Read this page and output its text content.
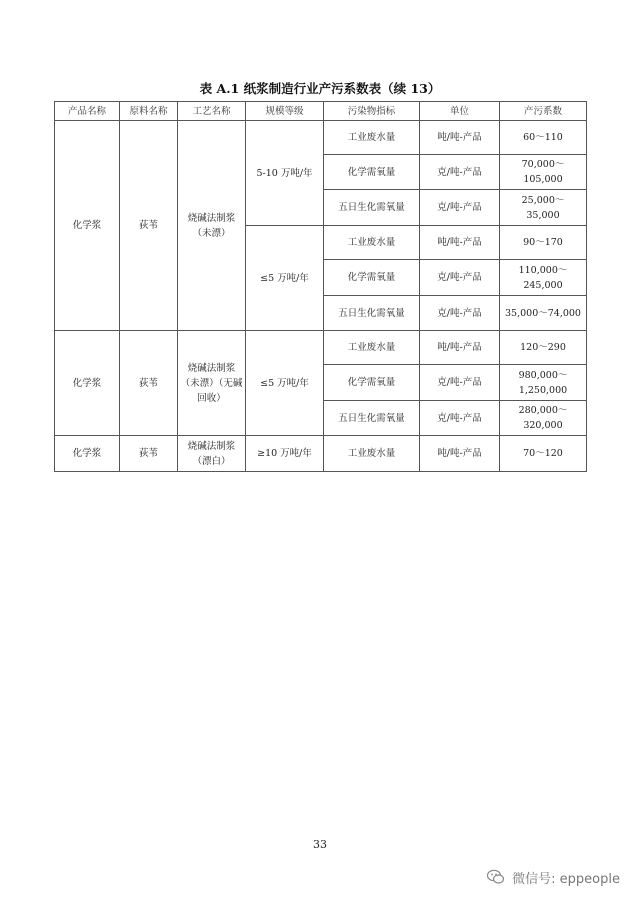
表 A.1 纸浆制造行业产污系数表（续 13）
产品名称	原料名称	工艺名称	规模等级	污染物指标	单位	产污系数
化学浆	荻苇	烧碱法制浆（未漂）	5-10 万吨/年	工业废水量	吨/吨-产品	60～110
				化学需氧量	克/吨-产品	70,000～105,000
				五日生化需氧量	克/吨-产品	25,000～ 35,000
			≤5 万吨/年	工业废水量	吨/吨-产品	90～170
				化学需氧量	克/吨-产品	110,000～245,000
				五日生化需氧量	克/吨-产品	35,000～74,000
化学浆	荻苇	烧碱法制浆（未漂）（无碱回收）	≤5 万吨/年	工业废水量	吨/吨-产品	120～290
				化学需氧量	克/吨-产品	980,000～ 1,250,000
				五日生化需氧量	克/吨-产品	280,000～320,000
化学浆	荻苇	烧碱法制浆（漂白）	≥10 万吨/年	工业废水量	吨/吨-产品	70～120
33
微信号: eppeople
